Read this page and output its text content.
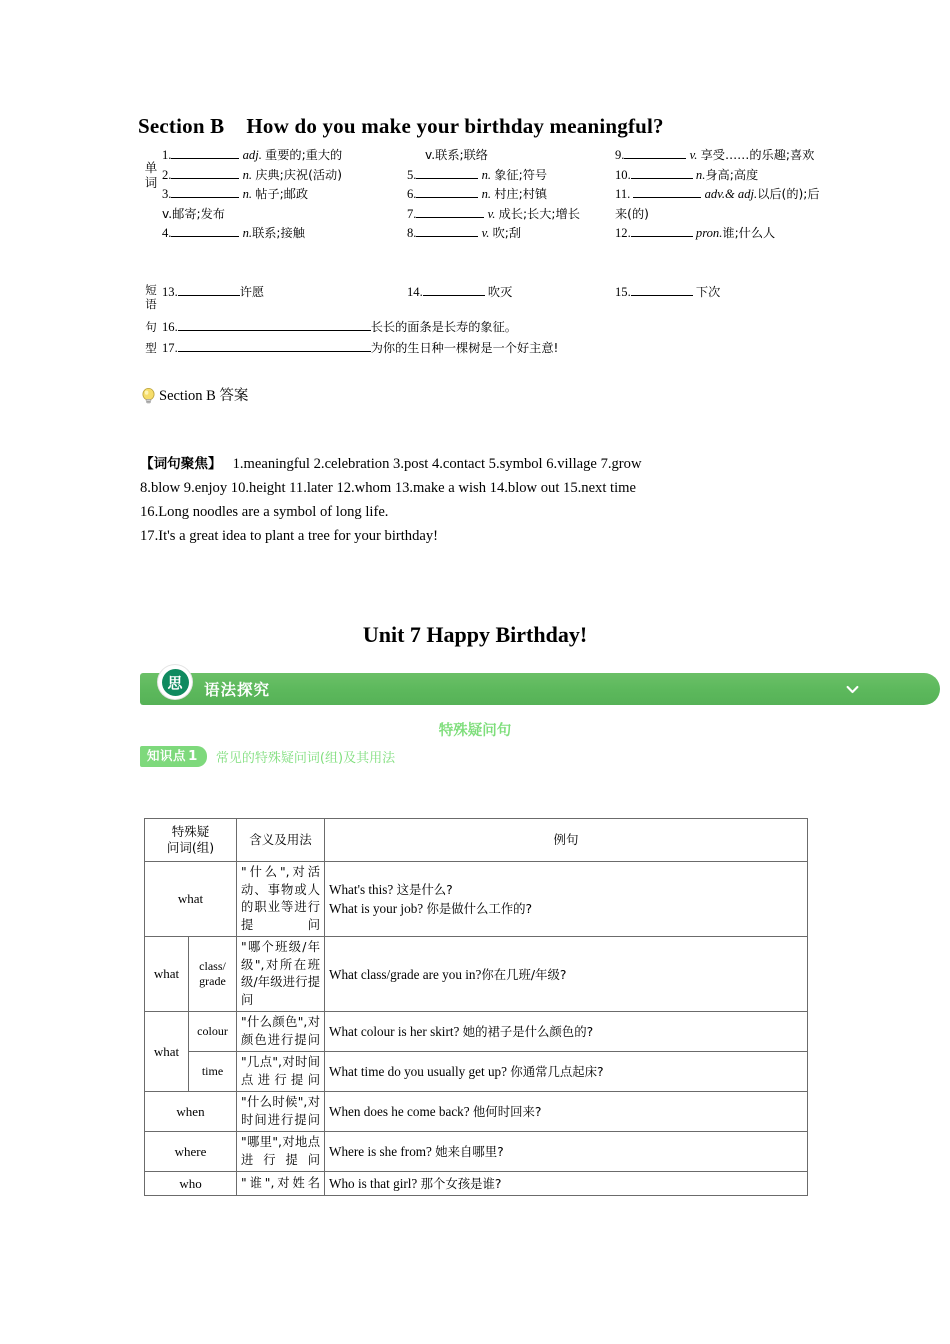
Section B How do you make your birthday meaningful?
单词
1.	adj. 重要的;重大的
2.	n. 庆典;庆祝(活动)
3.	n. 帖子;邮政
v.邮寄;发布
4.	n.联系;接触
v.联系;联络
5.	n. 象征;符号
6.	n. 村庄;村镇
7.	v. 成长;长大;增长
8.	v. 吹;刮
9.	v. 享受……的乐趣;喜欢
10.	n.身高;高度
11.	adv.& adj.以后(的);后来(的)
12.	pron.谁;什么人
短
语
13.	许愿	14.	吹灭	15.	下次
句
型
16.	长长的面条是长寿的象征。
17.	为你的生日种一棵树是一个好主意!
Section B 答案
【词句聚焦】 1.meaningful 2.celebration 3.post 4.contact 5.symbol 6.village 7.grow
8.blow 9.enjoy 10.height 11.later 12.whom 13.make a wish 14.blow out 15.next time
16.Long noodles are a symbol of long life.
17.It's a great idea to plant a tree for your birthday!
Unit 7 Happy Birthday!
思	语法探究
特殊疑问句
知识点 1	常见的特殊疑问词(组)及其用法
特殊疑
问词(组)		含义及用法	例句
what		"什么",对活动、事物或人的职业等进行提问	What's this? 这是什么?
What is your job? 你是做什么工作的?

what	class/ grade	"哪个班级/年级",对所在班级/年级进行提问	What class/grade are you in?你在几班/年级?

what	colour	"什么颜色",对颜色进行提问	What colour is her skirt? 她的裙子是什么颜色的?

	time	"几点",对时间点进行提问	What time do you usually get up? 你通常几点起床?

when		"什么时候",对时间进行提问	When does he come back? 他何时回来?

where		"哪里",对地点进行提问	Where is she from? 她来自哪里?

who		"谁",对姓名	Who is that girl? 那个女孩是谁?
